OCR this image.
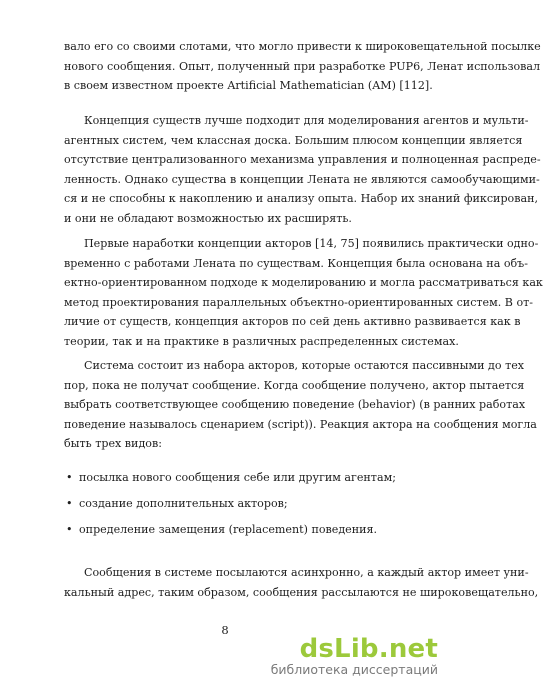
вало его со своими слотами, что могло привести к широковещательной посылке
нового сообщения. Опыт, полученный при разработке PUP6, Ленат использовал
в своем известном проекте Artificial Mathematician (AM) [112].
Концепция существ лучше подходит для моделирования агентов и мульти-
агентных систем, чем классная доска. Большим плюсом концепции является
отсутствие централизованного механизма управления и полноценная распреде-
ленность. Однако существа в концепции Лената не являются самообучающими-
ся и не способны к накоплению и анализу опыта. Набор их знаний фиксирован,
и они не обладают возможностью их расширять.
Первые наработки концепции акторов [14, 75] появились практически одно-
временно с работами Лената по существам. Концепция была основана на объ-
ектно-ориентированном подходе к моделированию и могла рассматриваться как
метод проектирования параллельных объектно-ориентированных систем. В от-
личие от существ, концепция акторов по сей день активно развивается как в
теории, так и на практике в различных распределенных системах.
Система состоит из набора акторов, которые остаются пассивными до тех
пор, пока не получат сообщение. Когда сообщение получено, актор пытается
выбрать соответствующее сообщению поведение (behavior) (в ранних работах
поведение называлось сценарием (script)). Реакция актора на сообщения могла
быть трех видов:
• посылка нового сообщения себе или другим агентам;
• создание дополнительных акторов;
• определение замещения (replacement) поведения.
Сообщения в системе посылаются асинхронно, а каждый актор имеет уни-
кальный адрес, таким образом, сообщения рассылаются не широковещательно,
8
dsLib.net
библиотека диссертаций
